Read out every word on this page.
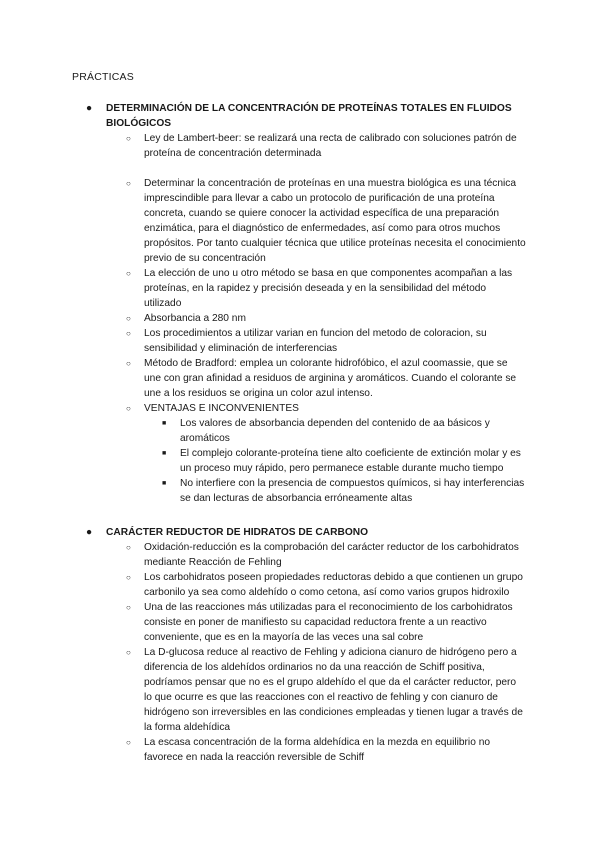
PRÁCTICAS
● DETERMINACIÓN DE LA CONCENTRACIÓN DE PROTEÍNAS TOTALES EN FLUIDOS BIOLÓGICOS
○ Ley de Lambert-beer: se realizará una recta de calibrado con soluciones patrón de proteína de concentración determinada
○ Determinar la concentración de proteínas en una muestra biológica es una técnica imprescindible para llevar a cabo un protocolo de purificación de una proteína concreta, cuando se quiere conocer la actividad específica de una preparación enzimática, para el diagnóstico de enfermedades, así como para otros muchos propósitos. Por tanto cualquier técnica que utilice proteínas necesita el conocimiento previo de su concentración
○ La elección de uno u otro método se basa en que componentes acompañan a las proteínas, en la rapidez y precisión deseada y en la sensibilidad del método utilizado
○ Absorbancia a 280 nm
○ Los procedimientos a utilizar varian en funcion del metodo de coloracion, su sensibilidad y eliminación de interferencias
○ Método de Bradford: emplea un colorante hidrofóbico, el azul coomassie, que se une con gran afinidad a residuos de arginina y aromáticos. Cuando el colorante se une a los residuos se origina un color azul intenso.
○ VENTAJAS E INCONVENIENTES
■ Los valores de absorbancia dependen del contenido de aa básicos y aromáticos
■ El complejo colorante-proteína tiene alto coeficiente de extinción molar y es un proceso muy rápido, pero permanece estable durante mucho tiempo
■ No interfiere con la presencia de compuestos químicos, si hay interferencias se dan lecturas de absorbancia erróneamente altas
● CARÁCTER REDUCTOR DE HIDRATOS DE CARBONO
○ Oxidación-reducción es la comprobación del carácter reductor de los carbohidratos mediante Reacción de Fehling
○ Los carbohidratos poseen propiedades reductoras debido a que contienen un grupo carbonilo ya sea como aldehído o como cetona, así como varios grupos hidroxilo
○ Una de las reacciones más utilizadas para el reconocimiento de los carbohidratos consiste en poner de manifiesto su capacidad reductora frente a un reactivo conveniente, que es en la mayoría de las veces una sal cobre
○ La D-glucosa reduce al reactivo de Fehling y adiciona cianuro de hidrógeno pero a diferencia de los aldehídos ordinarios no da una reacción de Schiff positiva, podríamos pensar que no es el grupo aldehído el que da el carácter reductor, pero lo que ocurre es que las reacciones con el reactivo de fehling y con cianuro de hidrógeno son irreversibles en las condiciones empleadas y tienen lugar a través de la forma aldehídica
○ La escasa concentración de la forma aldehídica en la mezda en equilibrio no favorece en nada la reacción reversible de Schiff
